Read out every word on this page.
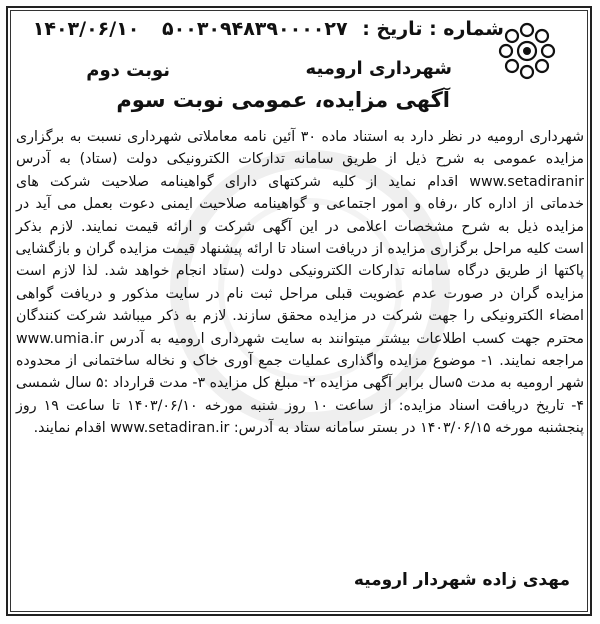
شماره : تاریخ : ۵۰۰۳۰۹۴۸۳۹۰۰۰۰۲۷ ۱۴۰۳/۰۶/۱۰
شهرداری ارومیه
نوبت دوم
آگهی مزایده، عمومی نوبت سوم

شهرداری ارومیه در نظر دارد به استناد ماده ۳۰ آئین نامه معاملاتی شهرداری نسبت به برگزاری
مزایده عمومی به شرح ذیل از طریق سامانه تدارکات الکترونیکی دولت (ستاد) به آدرس
www.setadiranir اقدام نماید از کلیه شرکتهای دارای گواهینامه صلاحیت شرکت های
خدماتی از اداره کار ،رفاه و امور اجتماعی و گواهینامه صلاحیت ایمنی دعوت بعمل می آید در
مزایده ذیل به شرح مشخصات اعلامی در این آگهی شرکت و ارائه قیمت نمایند. لازم بذکر
است کلیه مراحل برگزاری مزایده از دریافت اسناد تا ارائه پیشنهاد قیمت مزایده گران و بازگشایی
پاکتها از طریق درگاه سامانه تدارکات الکترونیکی دولت (ستاد انجام خواهد شد. لذا لازم است
مزایده گران در صورت عدم عضویت قبلی مراحل ثبت نام در سایت مذکور و دریافت گواهی
امضاء الکترونیکی را جهت شرکت در مزایده محقق سازند. لازم به ذکر میباشد شرکت کنندگان
محترم جهت کسب اطلاعات بیشتر میتوانند به سایت شهرداری ارومیه به آدرس www.umia.ir
مراجعه نمایند. ۱- موضوع مزایده واگذاری عملیات جمع آوری خاک و نخاله ساختمانی از محدوده
شهر ارومیه به مدت ۵سال برابر آگهی مزایده ۲- مبلغ کل مزایده ۳- مدت قرارداد :۵ سال شمسی
۴- تاریخ دریافت اسناد مزایده: از ساعت ۱۰ روز شنبه مورخه ۱۴۰۳/۰۶/۱۰ تا ساعت ۱۹ روز
پنجشنبه مورخه ۱۴۰۳/۰۶/۱۵ در بستر سامانه ستاد به آدرس: www.setadiran.ir اقدام نمایند.

مهدی زاده شهردار ارومیه
